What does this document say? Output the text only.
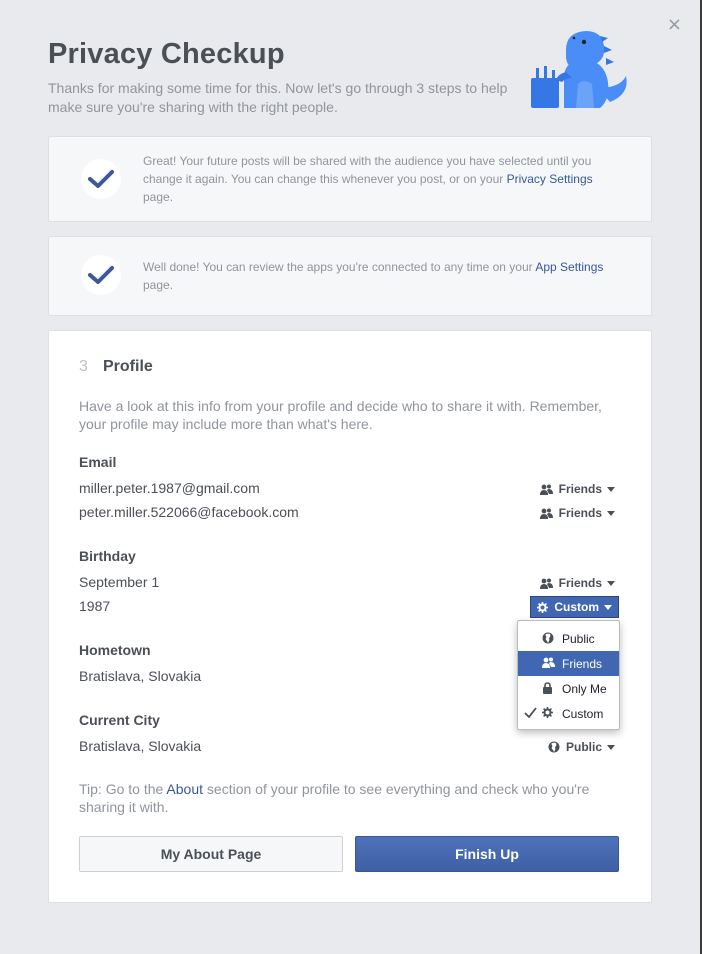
×
Privacy Checkup
Thanks for making some time for this. Now let's go through 3 steps to help make sure you're sharing with the right people.
Great! Your future posts will be shared with the audience you have selected until you change it again. You can change this whenever you post, or on your Privacy Settings page.
Well done! You can review the apps you're connected to any time on your App Settings page.
3 Profile
Have a look at this info from your profile and decide who to share it with. Remember, your profile may include more than what's here.
Email
miller.peter.1987@gmail.com
peter.miller.522066@facebook.com
Friends
Friends
Birthday
September 1
1987
Friends
Custom
Hometown
Bratislava, Slovakia
Current City
Bratislava, Slovakia	Public
Public
Friends
Only Me
Custom
Tip: Go to the About section of your profile to see everything and check who you're sharing it with.
My About Page	Finish Up
